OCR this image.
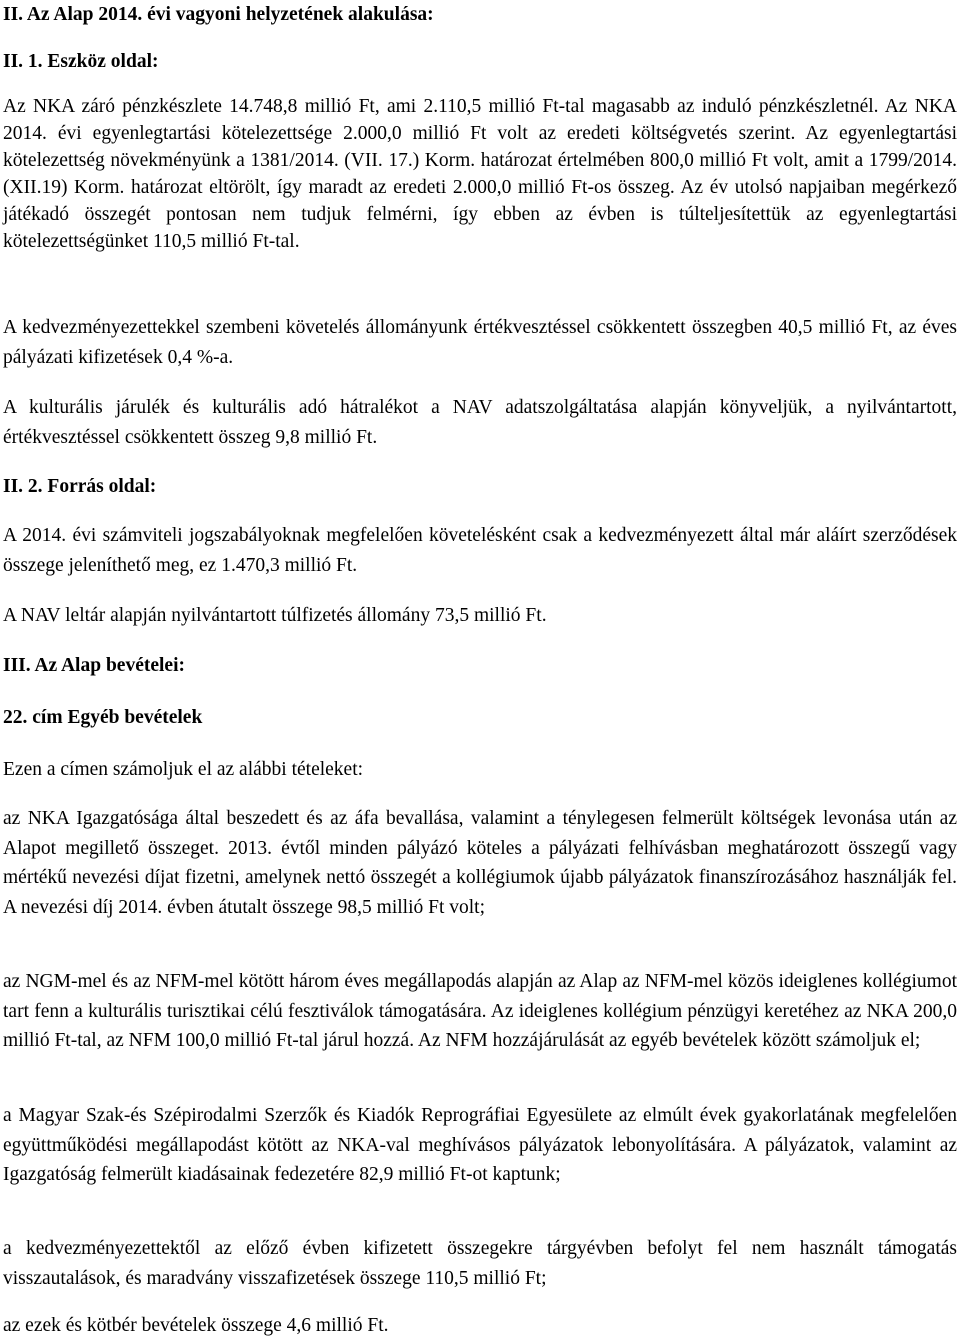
II. Az Alap 2014. évi vagyoni helyzetének alakulása:

II. 1. Eszköz oldal:

Az NKA záró pénzkészlete 14.748,8 millió Ft, ami 2.110,5 millió Ft-tal magasabb az induló pénzkészletnél. Az NKA 2014. évi egyenlegtartási kötelezettsége 2.000,0 millió Ft volt az eredeti költségvetés szerint. Az egyenlegtartási kötelezettség növekményünk a 1381/2014. (VII. 17.) Korm. határozat értelmében 800,0 millió Ft volt, amit a 1799/2014. (XII.19) Korm. határozat eltörölt, így maradt az eredeti 2.000,0 millió Ft-os összeg. Az év utolsó napjaiban megérkező játékadó összegét pontosan nem tudjuk felmérni, így ebben az évben is túlteljesítettük az egyenlegtartási kötelezettségünket 110,5 millió Ft-tal.

A kedvezményezettekkel szembeni követelés állományunk értékvesztéssel csökkentett összegben 40,5 millió Ft, az éves pályázati kifizetések 0,4 %-a.

A kulturális járulék és kulturális adó hátralékot a NAV adatszolgáltatása alapján könyveljük, a nyilvántartott, értékvesztéssel csökkentett összeg 9,8 millió Ft.

II. 2. Forrás oldal:

A 2014. évi számviteli jogszabályoknak megfelelően követelésként csak a kedvezményezett által már aláírt szerződések összege jeleníthető meg, ez 1.470,3 millió Ft.

A NAV leltár alapján nyilvántartott túlfizetés állomány 73,5 millió Ft.

III. Az Alap bevételei:

22. cím Egyéb bevételek

Ezen a címen számoljuk el az alábbi tételeket:

az NKA Igazgatósága által beszedett és az áfa bevallása, valamint a ténylegesen felmerült költségek levonása után az Alapot megillető összeget. 2013. évtől minden pályázó köteles a pályázati felhívásban meghatározott összegű vagy mértékű nevezési díjat fizetni, amelynek nettó összegét a kollégiumok újabb pályázatok finanszírozásához használják fel. A nevezési díj 2014. évben átutalt összege 98,5 millió Ft volt;

az NGM-mel és az NFM-mel kötött három éves megállapodás alapján az Alap az NFM-mel közös ideiglenes kollégiumot tart fenn a kulturális turisztikai célú fesztiválok támogatására. Az ideiglenes kollégium pénzügyi keretéhez az NKA 200,0 millió Ft-tal, az NFM 100,0 millió Ft-tal járul hozzá. Az NFM hozzájárulását az egyéb bevételek között számoljuk el;

a Magyar Szak-és Szépirodalmi Szerzők és Kiadók Reprográfiai Egyesülete az elmúlt évek gyakorlatának megfelelően együttműködési megállapodást kötött az NKA-val meghívásos pályázatok lebonyolítására. A pályázatok, valamint az Igazgatóság felmerült kiadásainak fedezetére 82,9 millió Ft-ot kaptunk;

a kedvezményezettektől az előző évben kifizetett összegekre tárgyévben befolyt fel nem használt támogatás visszautalások, és maradvány visszafizetések összege 110,5 millió Ft;

az ezek és kötbér bevételek összege 4,6 millió Ft.
